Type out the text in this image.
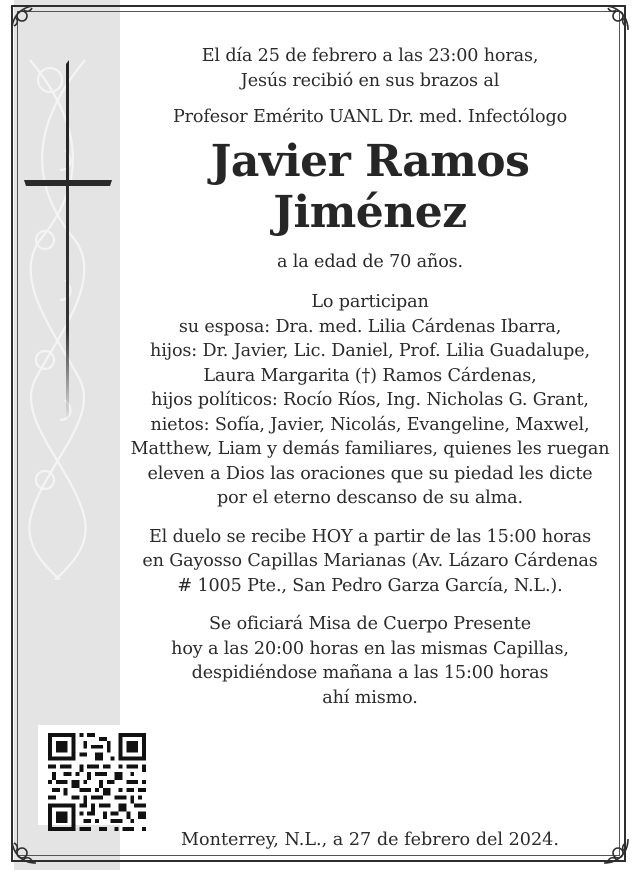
El día 25 de febrero a las 23:00 horas,

Jesús recibió en sus brazos al

Profesor Emérito UANL Dr. med. Infectólogo

Javier Ramos

Jiménez

a la edad de 70 años.

Lo participan

su esposa: Dra. med. Lilia Cárdenas Ibarra,

hijos: Dr. Javier, Lic. Daniel, Prof. Lilia Guadalupe,

Laura Margarita (†) Ramos Cárdenas,

hijos políticos: Rocío Ríos, Ing. Nicholas G. Grant,

nietos: Sofía, Javier, Nicolás, Evangeline, Maxwel,

Matthew, Liam y demás familiares, quienes les ruegan

eleven a Dios las oraciones que su piedad les dicte

por el eterno descanso de su alma.

El duelo se recibe HOY a partir de las 15:00 horas

en Gayosso Capillas Marianas (Av. Lázaro Cárdenas

# 1005 Pte., San Pedro Garza García, N.L.).

Se oficiará Misa de Cuerpo Presente

hoy a las 20:00 horas en las mismas Capillas,

despidiéndose mañana a las 15:00 horas

ahí mismo.

Monterrey, N.L., a 27 de febrero del 2024.
